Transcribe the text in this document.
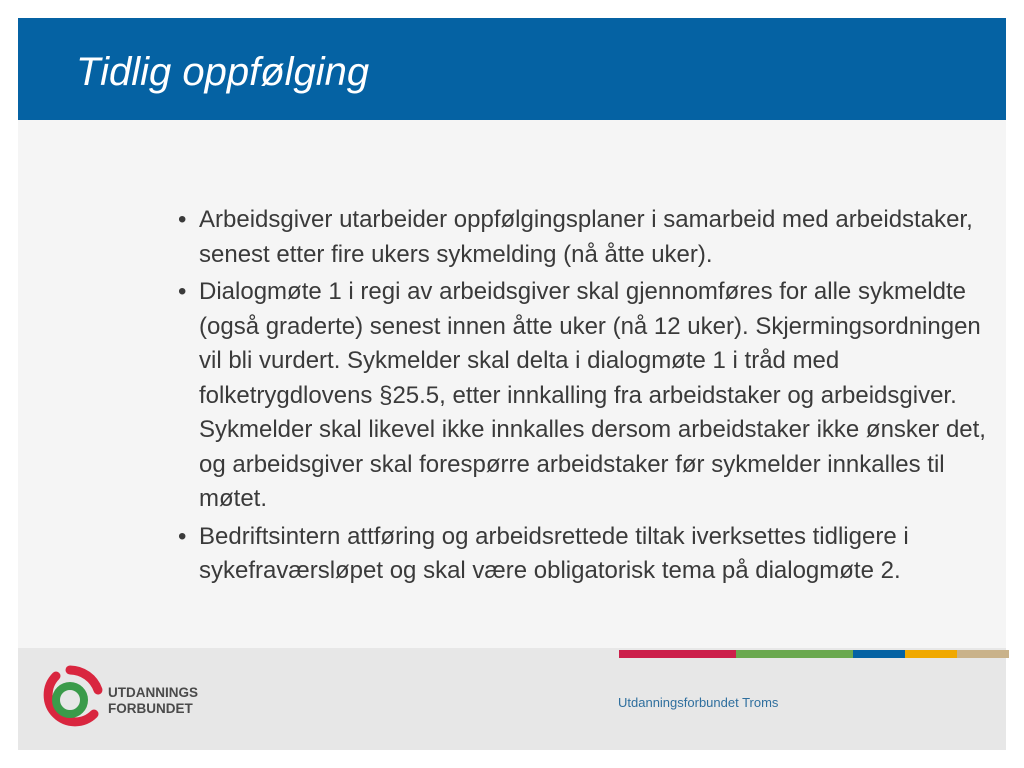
Tidlig oppfølging
• Arbeidsgiver utarbeider oppfølgingsplaner i samarbeid med arbeidstaker, senest etter fire ukers sykmelding (nå åtte uker).
• Dialogmøte 1 i regi av arbeidsgiver skal gjennomføres for alle sykmeldte (også graderte) senest innen åtte uker (nå 12 uker). Skjermingsordningen vil bli vurdert. Sykmelder skal delta i dialogmøte 1 i tråd med folketrygdlovens §25.5, etter innkalling fra arbeidstaker og arbeidsgiver. Sykmelder skal likevel ikke innkalles dersom arbeidstaker ikke ønsker det, og arbeidsgiver skal forespørre arbeidstaker før sykmelder innkalles til møtet.
• Bedriftsintern attføring og arbeidsrettede tiltak iverksettes tidligere i sykefraværsløpet og skal være obligatorisk tema på dialogmøte 2.
Utdanningsforbundet Troms
UTDANNINGS
FORBUNDET
